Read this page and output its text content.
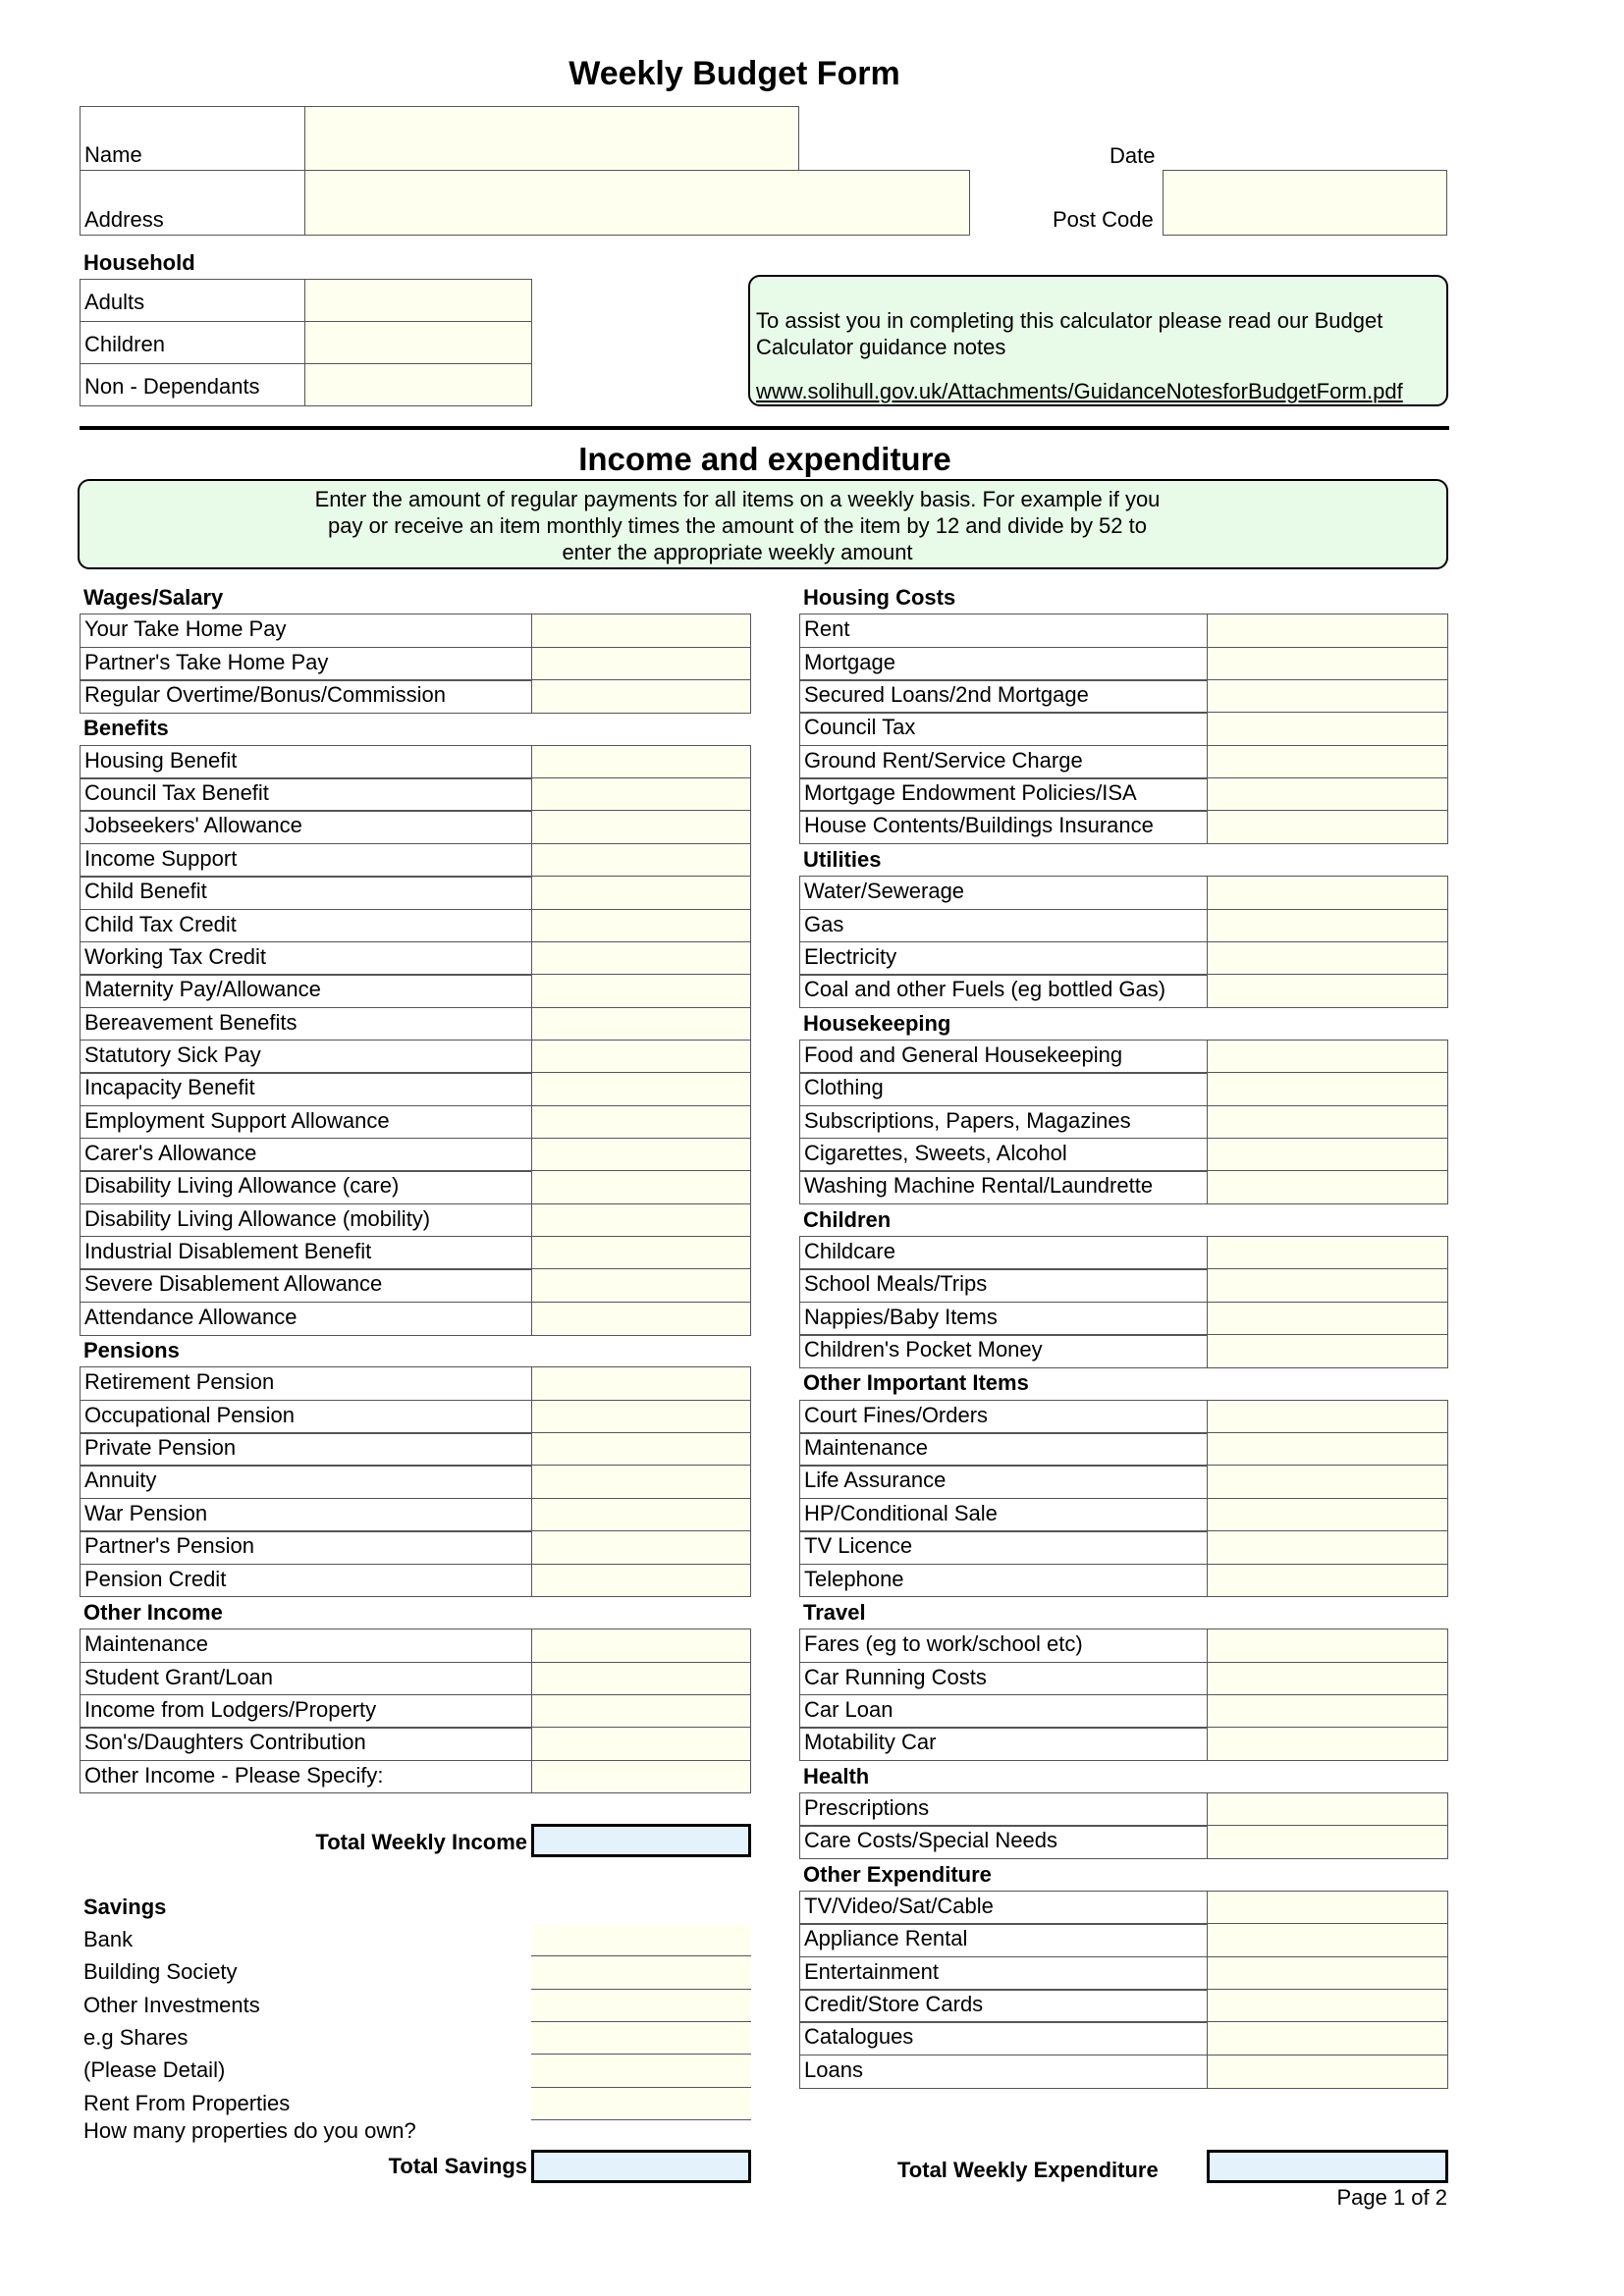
Weekly Budget Form
Name
Address
Date
Post Code
Household
Adults
Children
Non - Dependants
To assist you in completing this calculator please read our Budget
Calculator guidance notes
www.solihull.gov.uk/Attachments/GuidanceNotesforBudgetForm.pdf
Income and expenditure
Enter the amount of regular payments for all items on a weekly basis. For example if you
pay or receive an item monthly times the amount of the item by 12 and divide by 52 to
enter the appropriate weekly amount
Wages/Salary
Your Take Home Pay
Partner's Take Home Pay
Regular Overtime/Bonus/Commission
Benefits
Housing Benefit
Council Tax Benefit
Jobseekers' Allowance
Income Support
Child Benefit
Child Tax Credit
Working Tax Credit
Maternity Pay/Allowance
Bereavement Benefits
Statutory Sick Pay
Incapacity Benefit
Employment Support Allowance
Carer's Allowance
Disability Living Allowance (care)
Disability Living Allowance (mobility)
Industrial Disablement Benefit
Severe Disablement Allowance
Attendance Allowance
Pensions
Retirement Pension
Occupational Pension
Private Pension
Annuity
War Pension
Partner's Pension
Pension Credit
Other Income
Maintenance
Student Grant/Loan
Income from Lodgers/Property
Son's/Daughters Contribution
Other Income - Please Specify:
Housing Costs
Rent
Mortgage
Secured Loans/2nd Mortgage
Council Tax
Ground Rent/Service Charge
Mortgage Endowment Policies/ISA
House Contents/Buildings Insurance
Utilities
Water/Sewerage
Gas
Electricity
Coal and other Fuels (eg bottled Gas)
Housekeeping
Food and General Housekeeping
Clothing
Subscriptions, Papers, Magazines
Cigarettes, Sweets, Alcohol
Washing Machine Rental/Laundrette
Children
Childcare
School Meals/Trips
Nappies/Baby Items
Children's Pocket Money
Other Important Items
Court Fines/Orders
Maintenance
Life Assurance
HP/Conditional Sale
TV Licence
Telephone
Travel
Fares (eg to work/school etc)
Car Running Costs
Car Loan
Motability Car
Health
Prescriptions
Care Costs/Special Needs
Other Expenditure
TV/Video/Sat/Cable
Appliance Rental
Entertainment
Credit/Store Cards
Catalogues
Loans
Total Weekly Income
Savings
Bank
Building Society
Other Investments
e.g Shares
(Please Detail)
Rent From Properties
How many properties do you own?
Total Savings	Total Weekly Expenditure
Page 1 of 2
